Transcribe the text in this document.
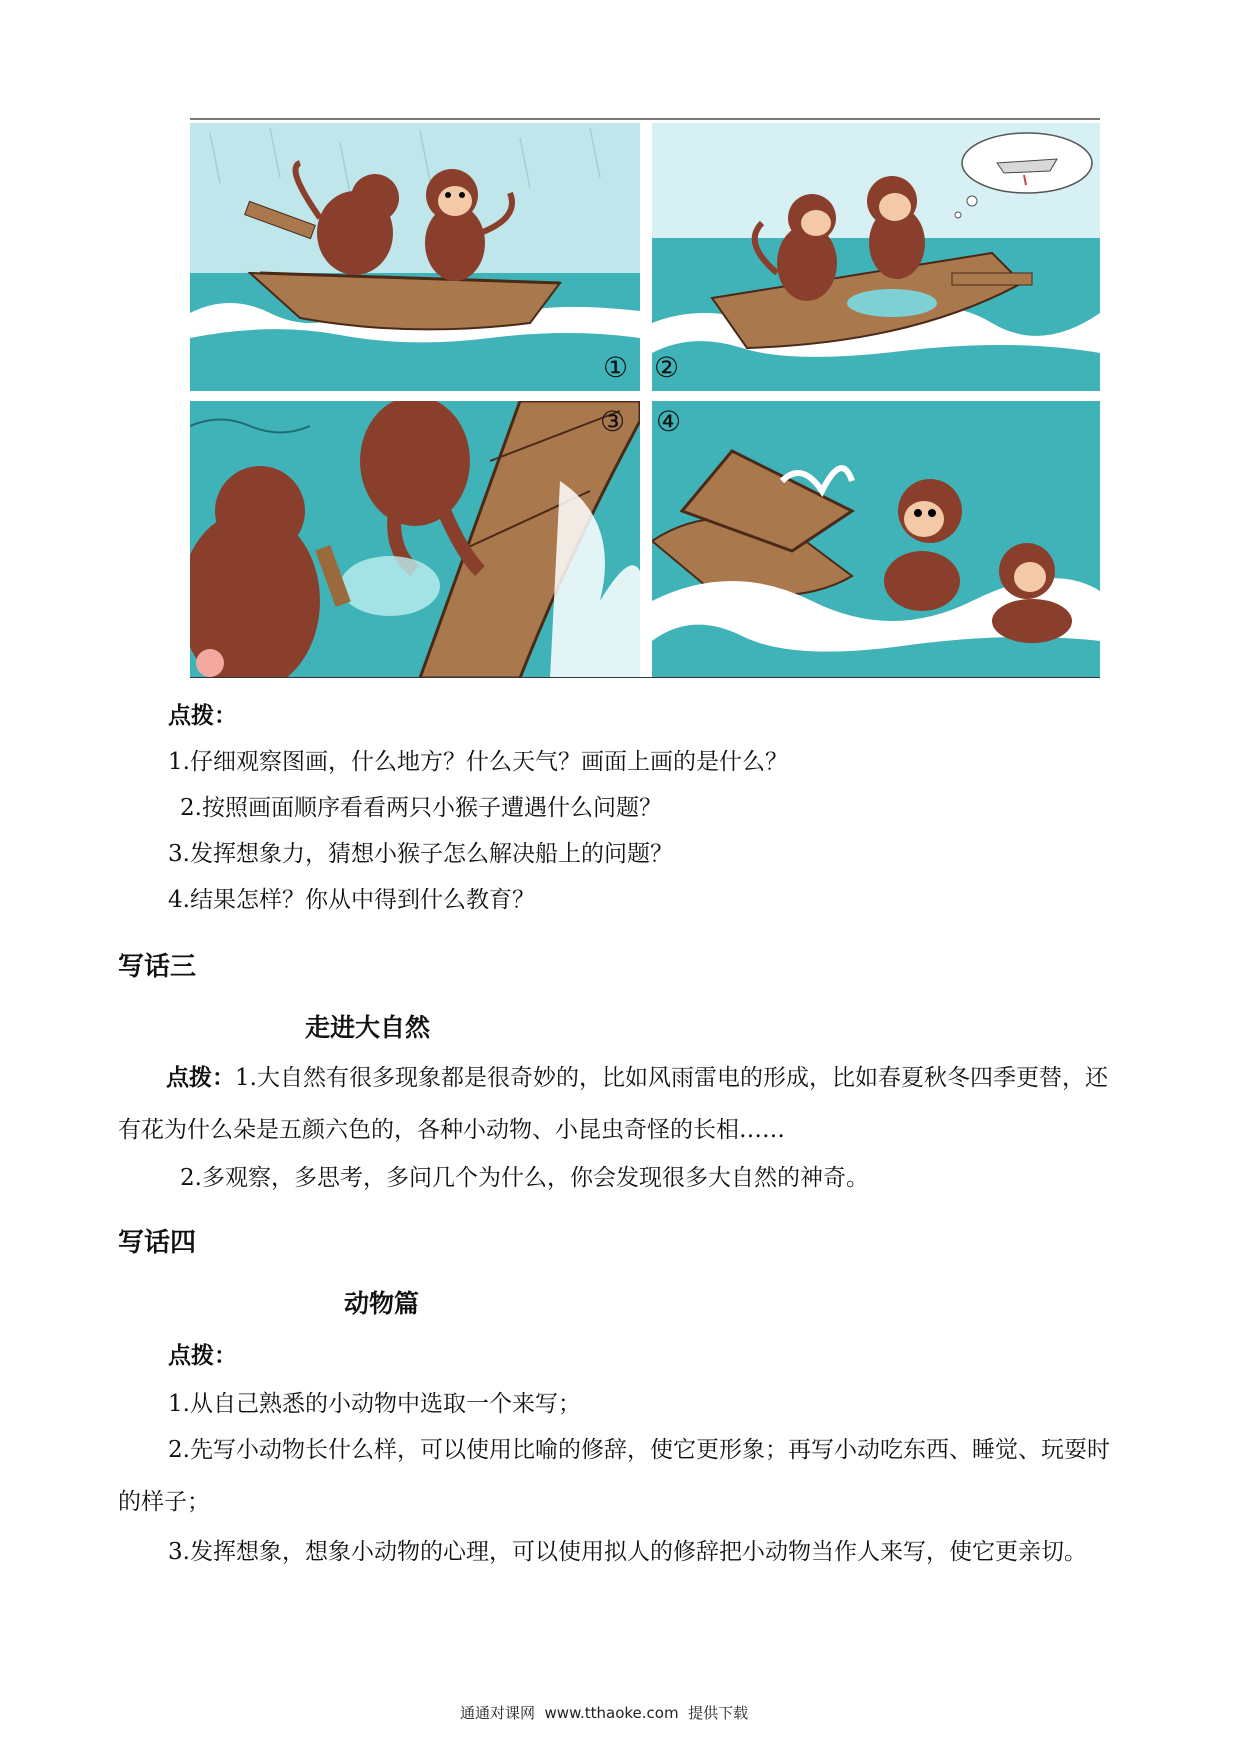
②
①
③ ④
点拨：
1.仔细观察图画，什么地方？什么天气？画面上画的是什么？
2.按照画面顺序看看两只小猴子遭遇什么问题？
3.发挥想象力，猜想小猴子怎么解决船上的问题？
4.结果怎样？你从中得到什么教育？
写话三
走进大自然
点拨：1.大自然有很多现象都是很奇妙的，比如风雨雷电的形成，比如春夏秋冬四季更替，还有花为什么朵是五颜六色的，各种小动物、小昆虫奇怪的长相……
2.多观察，多思考，多问几个为什么，你会发现很多大自然的神奇。
写话四
动物篇
点拨：
1.从自己熟悉的小动物中选取一个来写；
2.先写小动物长什么样，可以使用比喻的修辞，使它更形象；再写小动吃东西、睡觉、玩耍时的样子；
3.发挥想象，想象小动物的心理，可以使用拟人的修辞把小动物当作人来写，使它更亲切。
通通对课网  www.tthaoke.com  提供下载
